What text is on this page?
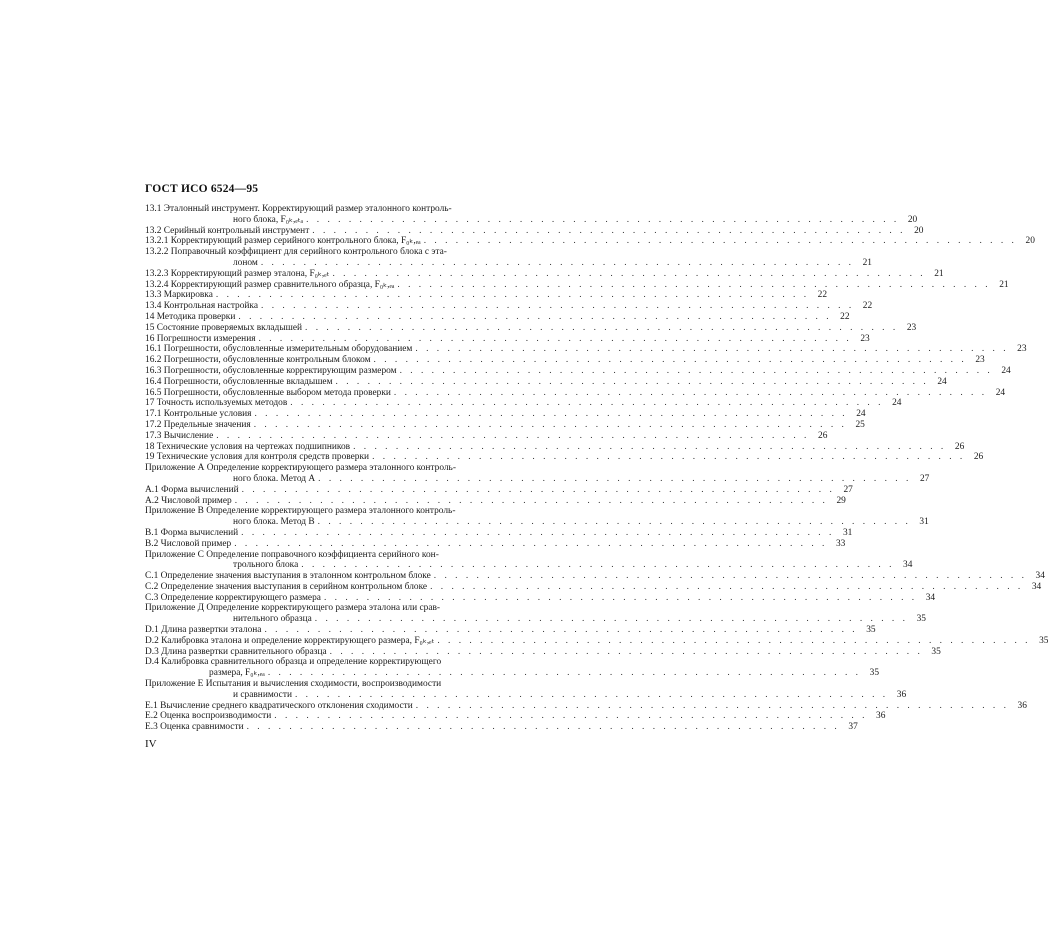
ГОСТ ИСО 6524—95
13.1 Эталонный инструмент. Корректирующий размер эталонного контроль-
ного блока, F₀ₖ,ₑₜₐ . . .	20
13.2 Серийный контрольный инструмент . . .	20
13.2.1 Корректирующий размер серийного контрольного блока, F₀ₖ,ₑₐ . . .	20
13.2.2 Поправочный коэффициент для серийного контрольного блока с эта-
лоном . . .	21
13.2.3 Корректирующий размер эталона, F₀ₖ,ₑₜ . . .	21
13.2.4 Корректирующий размер сравнительного образца, F₀ₖ,ₑₐ . . .	21
13.3 Маркировка . . .	22
13.4 Контрольная настройка . . .	22
14 Методика проверки . . .	22
15 Состояние проверяемых вкладышей . . .	23
16 Погрешности измерения . . .	23
16.1 Погрешности, обусловленные измерительным оборудованием . . .	23
16.2 Погрешности, обусловленные контрольным блоком . . .	23
16.3 Погрешности, обусловленные корректирующим размером . . .	24
16.4 Погрешности, обусловленные вкладышем . . .	24
16.5 Погрешности, обусловленные выбором метода проверки . . .	24
17 Точность используемых методов . . .	24
17.1 Контрольные условия . . .	24
17.2 Предельные значения . . .	25
17.3 Вычисление . . .	26
18 Технические условия на чертежах подшипников . . .	26
19 Технические условия для контроля средств проверки . . .	26
Приложение А Определение корректирующего размера эталонного контроль-
ного блока. Метод А . . .	27
А.1 Форма вычислений . . .	27
А.2 Числовой пример . . .	29
Приложение В Определение корректирующего размера эталонного контроль-
ного блока. Метод В . . .	31
В.1 Форма вычислений . . .	31
В.2 Числовой пример . . .	33
Приложение С Определение поправочного коэффициента серийного кон-
трольного блока . . .	34
С.1 Определение значения выступания в эталонном контрольном блоке . . .	34
С.2 Определение значения выступания в серийном контрольном блоке . . .	34
С.3 Определение корректирующего размера . . .	34
Приложение Д Определение корректирующего размера эталона или срав-
нительного образца . . .	35
D.1 Длина развертки эталона . . .	35
D.2 Калибровка эталона и определение корректирующего размера, F₀ₖ,ₑₜ . . .	35
D.3 Длина развертки сравнительного образца . . .	35
D.4 Калибровка сравнительного образца и определение корректирующего
размера, F₀ₖ,ₑₐ . . .	35
Приложение Е Испытания и вычисления сходимости, воспроизводимости
и сравнимости . . .	36
Е.1 Вычисление среднего квадратического отклонения сходимости . . .	36
Е.2 Оценка воспроизводимости . . .	36
Е.3 Оценка сравнимости . . .	37
IV
